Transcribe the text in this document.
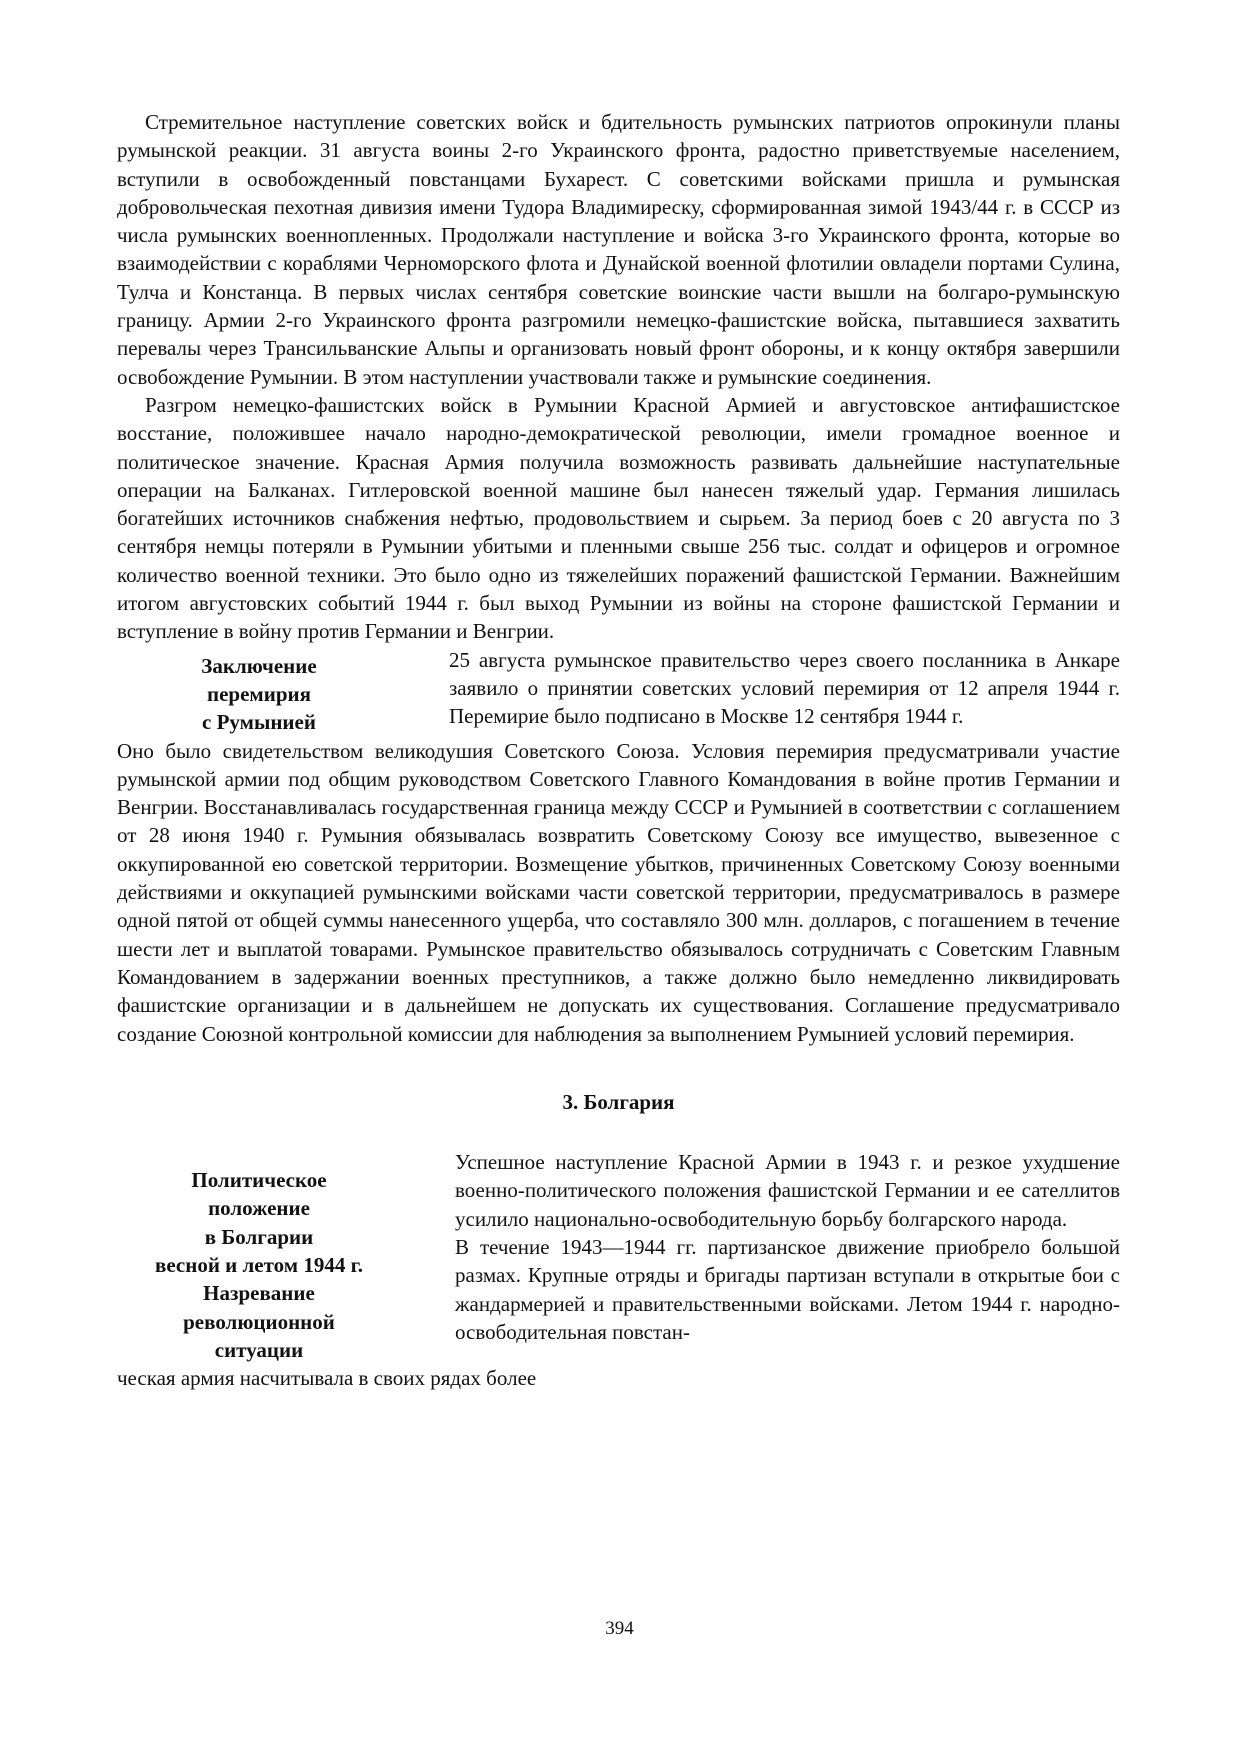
Стремительное наступление советских войск и бдительность румынских патриотов опрокинули планы румынской реакции. 31 августа воины 2-го Украинского фронта, радостно приветствуемые населением, вступили в освобожденный повстанцами Бухарест. С советскими войсками пришла и румынская добровольческая пехотная дивизия имени Тудора Владимиреску, сформированная зимой 1943/44 г. в СССР из числа румынских военнопленных. Продолжали наступление и войска 3-го Украинского фронта, которые во взаимодействии с кораблями Черноморского флота и Дунайской военной флотилии овладели портами Сулина, Тулча и Констанца. В первых числах сентября советские воинские части вышли на болгаро-румынскую границу. Армии 2-го Украинского фронта разгромили немецко-фашистские войска, пытавшиеся захватить перевалы через Трансильванские Альпы и организовать новый фронт обороны, и к концу октября завершили освобождение Румынии. В этом наступлении участвовали также и румынские соединения.

Разгром немецко-фашистских войск в Румынии Красной Армией и августовское антифашистское восстание, положившее начало народно-демократической революции, имели громадное военное и политическое значение. Красная Армия получила возможность развивать дальнейшие наступательные операции на Балканах. Гитлеровской военной машине был нанесен тяжелый удар. Германия лишилась богатейших источников снабжения нефтью, продовольствием и сырьем. За период боев с 20 августа по 3 сентября немцы потеряли в Румынии убитыми и пленными свыше 256 тыс. солдат и офицеров и огромное количество военной техники. Это было одно из тяжелейших поражений фашистской Германии. Важнейшим итогом августовских событий 1944 г. был выход Румынии из войны на стороне фашистской Германии и вступление в войну против Германии и Венгрии.

Заключение
перемирия
с Румынией

25 августа румынское правительство через своего посланника в Анкаре заявило о принятии советских условий перемирия от 12 апреля 1944 г. Перемирие было подписано в Москве 12 сентября 1944 г.

Оно было свидетельством великодушия Советского Союза. Условия перемирия предусматривали участие румынской армии под общим руководством Советского Главного Командования в войне против Германии и Венгрии. Восстанавливалась государственная граница между СССР и Румынией в соответствии с соглашением от 28 июня 1940 г. Румыния обязывалась возвратить Советскому Союзу все имущество, вывезенное с оккупированной ею советской территории. Возмещение убытков, причиненных Советскому Союзу военными действиями и оккупацией румынскими войсками части советской территории, предусматривалось в размере одной пятой от общей суммы нанесенного ущерба, что составляло 300 млн. долларов, с погашением в течение шести лет и выплатой товарами. Румынское правительство обязывалось сотрудничать с Советским Главным Командованием в задержании военных преступников, а также должно было немедленно ликвидировать фашистские организации и в дальнейшем не допускать их существования. Соглашение предусматривало создание Союзной контрольной комиссии для наблюдения за выполнением Румынией условий перемирия.

3. Болгария
Политическое
положение
в Болгарии
весной и летом 1944 г.
Назревание
революционной
ситуации

Успешное наступление Красной Армии в 1943 г. и резкое ухудшение военно-политического положения фашистской Германии и ее сателлитов усилило национально-освободительную борьбу болгарского народа.

В течение 1943—1944 гг. партизанское движение приобрело большой размах. Крупные отряды и бригады партизан вступали в открытые бои с жандармерией и правительственными войсками. Летом 1944 г. народно-освободительная повстан-

ческая армия насчитывала в своих рядах более

394
